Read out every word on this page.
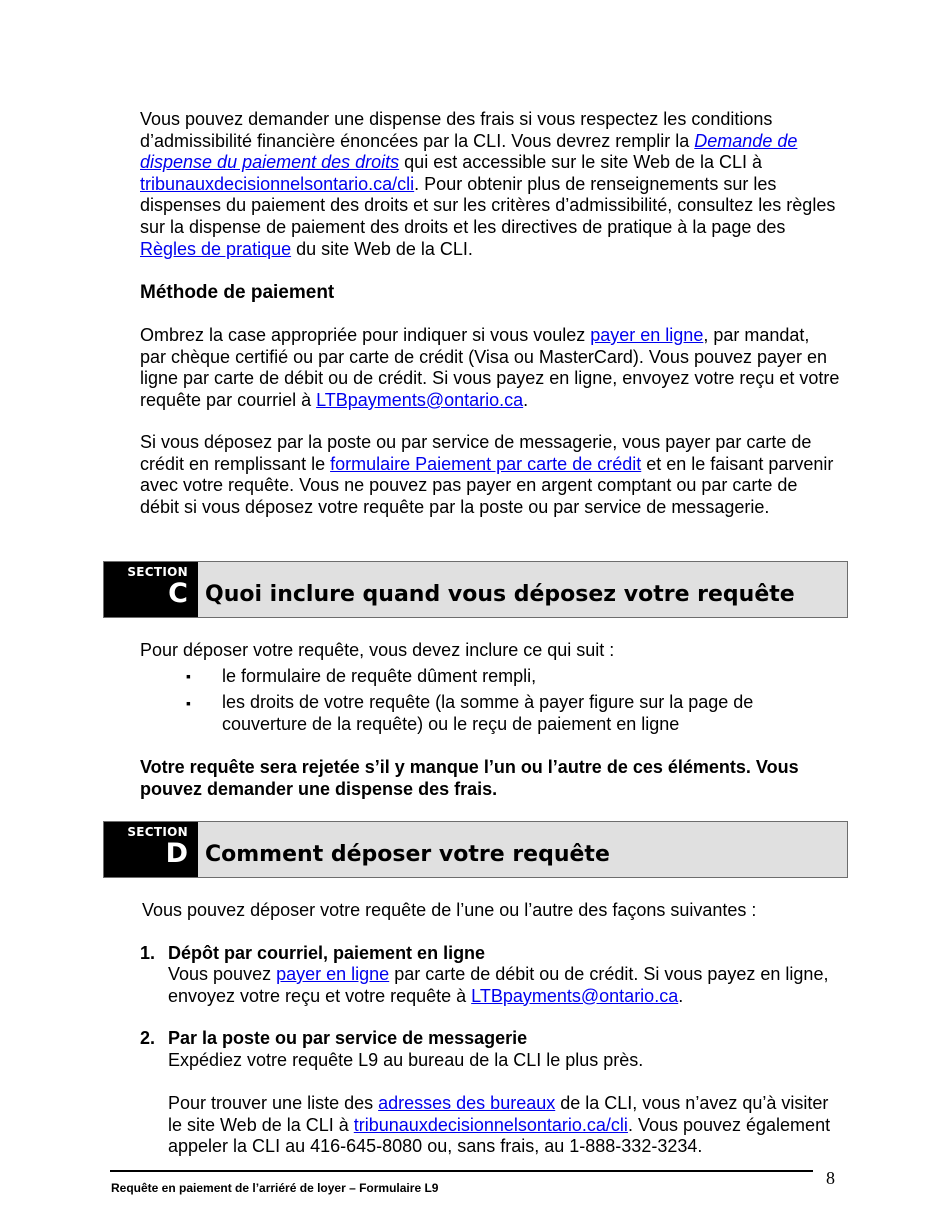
Vous pouvez demander une dispense des frais si vous respectez les conditions d’admissibilité financière énoncées par la CLI. Vous devrez remplir la Demande de dispense du paiement des droits qui est accessible sur le site Web de la CLI à tribunauxdecisionnelsontario.ca/cli. Pour obtenir plus de renseignements sur les dispenses du paiement des droits et sur les critères d’admissibilité, consultez les règles sur la dispense de paiement des droits et les directives de pratique à la page des Règles de pratique du site Web de la CLI.

Méthode de paiement

Ombrez la case appropriée pour indiquer si vous voulez payer en ligne, par mandat, par chèque certifié ou par carte de crédit (Visa ou MasterCard). Vous pouvez payer en ligne par carte de débit ou de crédit. Si vous payez en ligne, envoyez votre reçu et votre requête par courriel à LTBpayments@ontario.ca.

Si vous déposez par la poste ou par service de messagerie, vous payer par carte de crédit en remplissant le formulaire Paiement par carte de crédit et en le faisant parvenir avec votre requête. Vous ne pouvez pas payer en argent comptant ou par carte de débit si vous déposez votre requête par la poste ou par service de messagerie.

SECTION
C Quoi inclure quand vous déposez votre requête

Pour déposer votre requête, vous devez inclure ce qui suit :

▪	le formulaire de requête dûment rempli,
▪	les droits de votre requête (la somme à payer figure sur la page de couverture de la requête) ou le reçu de paiement en ligne

Votre requête sera rejetée s’il y manque l’un ou l’autre de ces éléments. Vous pouvez demander une dispense des frais.

SECTION
D Comment déposer votre requête

Vous pouvez déposer votre requête de l’une ou l’autre des façons suivantes :

1. Dépôt par courriel, paiement en ligne

Vous pouvez payer en ligne par carte de débit ou de crédit. Si vous payez en ligne, envoyez votre reçu et votre requête à LTBpayments@ontario.ca.

2. Par la poste ou par service de messagerie
Expédiez votre requête L9 au bureau de la CLI le plus près.

Pour trouver une liste des adresses des bureaux de la CLI, vous n’avez qu’à visiter le site Web de la CLI à tribunauxdecisionnelsontario.ca/cli. Vous pouvez également appeler la CLI au 416-645-8080 ou, sans frais, au 1-888-332-3234.

Requête en paiement de l’arriéré de loyer – Formulaire L9	8
